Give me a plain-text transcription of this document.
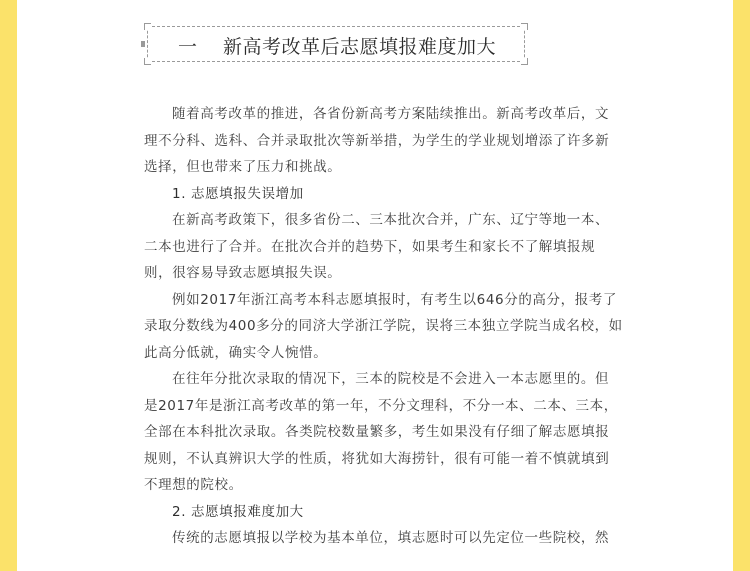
一 新高考改革后志愿填报难度加大
随着高考改革的推进，各省份新高考方案陆续推出。新高考改革后，文
理不分科、选科、合并录取批次等新举措，为学生的学业规划增添了许多新
选择，但也带来了压力和挑战。
1. 志愿填报失误增加
在新高考政策下，很多省份二、三本批次合并，广东、辽宁等地一本、
二本也进行了合并。在批次合并的趋势下，如果考生和家长不了解填报规
则，很容易导致志愿填报失误。
例如2017年浙江高考本科志愿填报时，有考生以646分的高分，报考了
录取分数线为400多分的同济大学浙江学院，误将三本独立学院当成名校，如
此高分低就，确实令人惋惜。
在往年分批次录取的情况下，三本的院校是不会进入一本志愿里的。但
是2017年是浙江高考改革的第一年，不分文理科，不分一本、二本、三本，
全部在本科批次录取。各类院校数量繁多，考生如果没有仔细了解志愿填报
规则，不认真辨识大学的性质，将犹如大海捞针，很有可能一着不慎就填到
不理想的院校。
2. 志愿填报难度加大
传统的志愿填报以学校为基本单位，填志愿时可以先定位一些院校，然
